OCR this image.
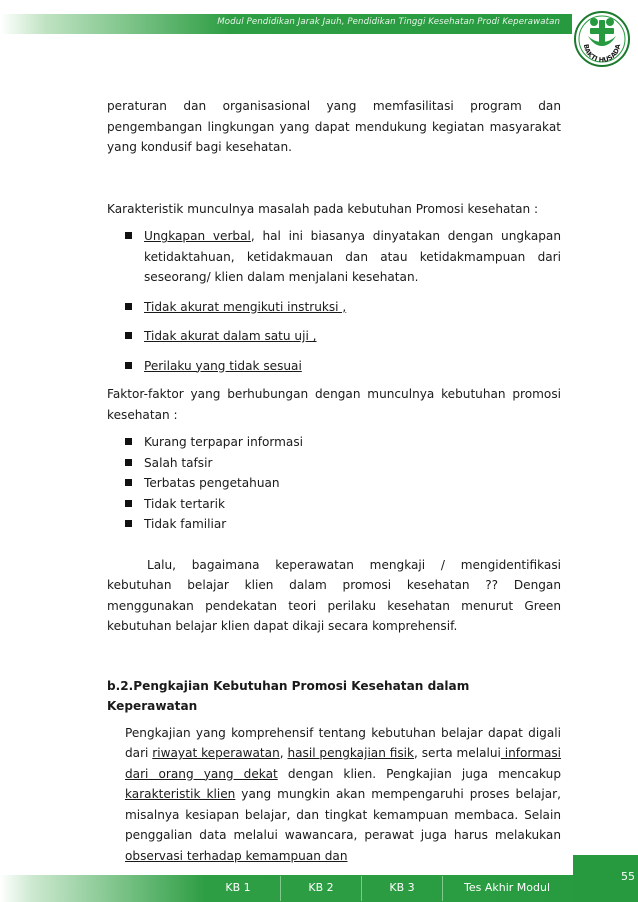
Modul Pendidikan Jarak Jauh, Pendidikan Tinggi Kesehatan Prodi Keperawatan
BAKTI HUSADA

peraturan dan organisasional yang memfasilitasi program dan pengembangan lingkungan yang dapat mendukung kegiatan masyarakat yang kondusif bagi kesehatan.

Karakteristik munculnya masalah pada kebutuhan Promosi kesehatan :

Ungkapan verbal, hal ini biasanya dinyatakan dengan ungkapan ketidaktahuan, ketidakmauan dan atau ketidakmampuan dari seseorang/ klien dalam menjalani kesehatan.
Tidak akurat mengikuti instruksi ,
Tidak akurat dalam satu uji ,
Perilaku yang tidak sesuai

Faktor-faktor yang berhubungan dengan munculnya kebutuhan promosi kesehatan :

Kurang terpapar informasi
Salah tafsir
Terbatas pengetahuan
Tidak tertarik
Tidak familiar

Lalu, bagaimana keperawatan mengkaji / mengidentifikasi kebutuhan belajar klien dalam promosi kesehatan ?? Dengan menggunakan pendekatan teori perilaku kesehatan menurut Green kebutuhan belajar klien dapat dikaji secara komprehensif.

b.2.Pengkajian Kebutuhan Promosi Kesehatan dalam Keperawatan

Pengkajian yang komprehensif tentang kebutuhan belajar dapat digali dari riwayat keperawatan, hasil pengkajian fisik, serta melalui informasi dari orang yang dekat dengan klien. Pengkajian juga mencakup karakteristik klien yang mungkin akan mempengaruhi proses belajar, misalnya kesiapan belajar, dan tingkat kemampuan membaca. Selain penggalian data melalui wawancara, perawat juga harus melakukan observasi terhadap kemampuan dan

55
KB 1	KB 2	KB 3	Tes Akhir Modul
